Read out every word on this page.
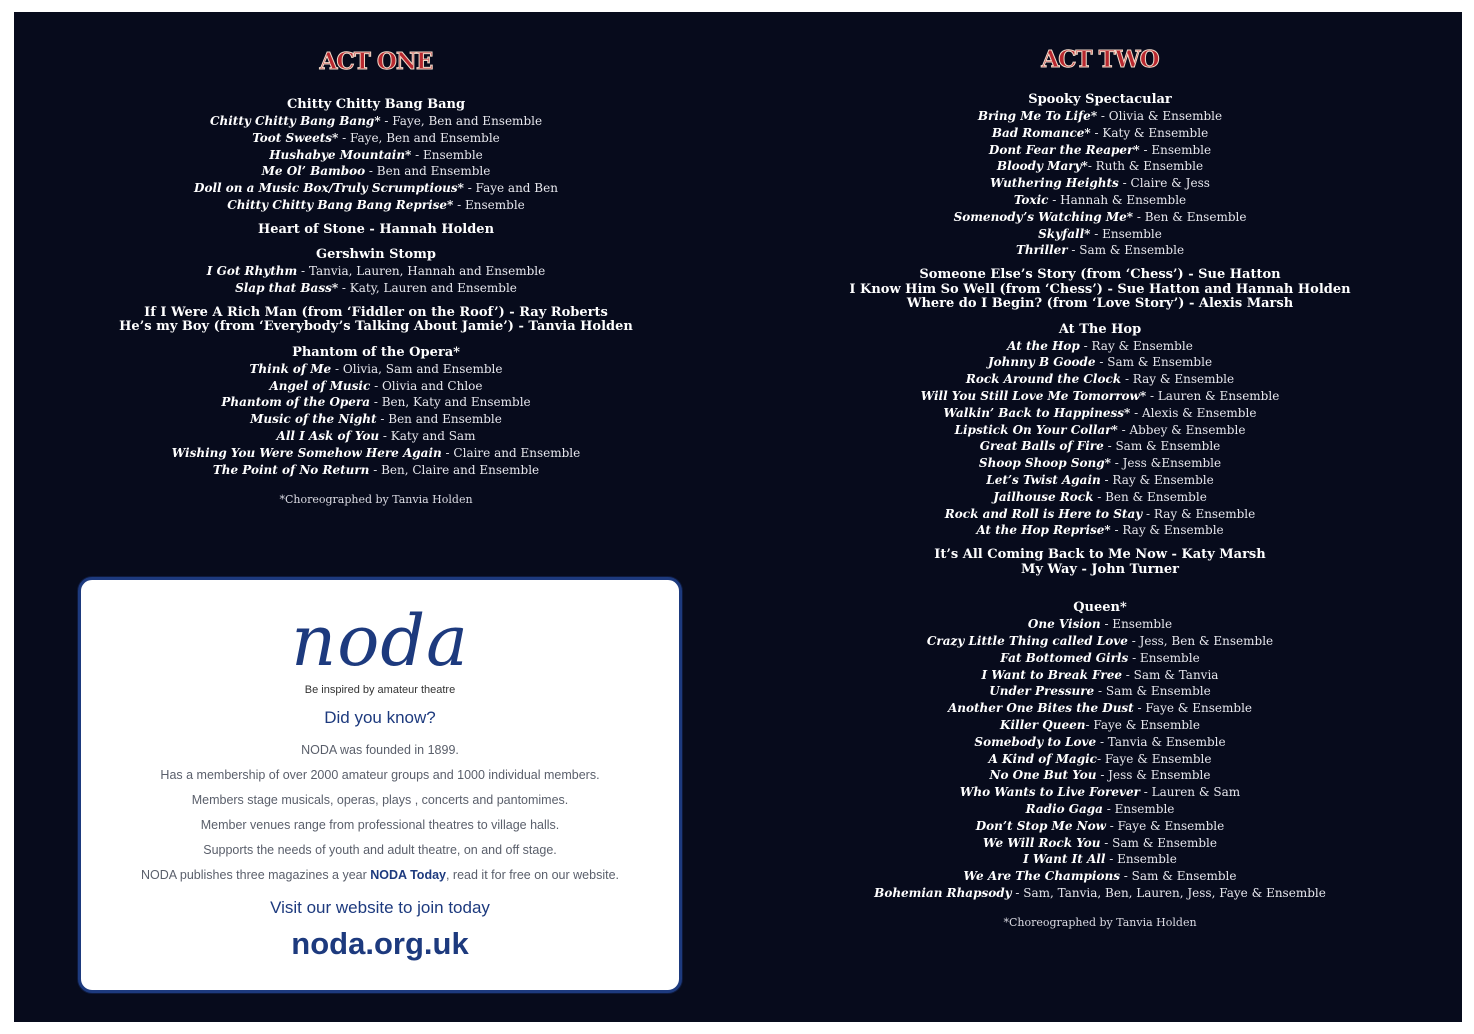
ACT ONE
Chitty Chitty Bang Bang
Chitty Chitty Bang Bang* - Faye, Ben and Ensemble
Toot Sweets* - Faye, Ben and Ensemble
Hushabye Mountain* - Ensemble
Me Ol’ Bamboo - Ben and Ensemble
Doll on a Music Box/Truly Scrumptious* - Faye and Ben
Chitty Chitty Bang Bang Reprise* - Ensemble
Heart of Stone - Hannah Holden
Gershwin Stomp
I Got Rhythm - Tanvia, Lauren, Hannah and Ensemble
Slap that Bass* - Katy, Lauren and Ensemble
If I Were A Rich Man (from ‘Fiddler on the Roof’) - Ray Roberts
He’s my Boy (from ‘Everybody’s Talking About Jamie’) - Tanvia Holden
Phantom of the Opera*
Think of Me - Olivia, Sam and Ensemble
Angel of Music - Olivia and Chloe
Phantom of the Opera - Ben, Katy and Ensemble
Music of the Night - Ben and Ensemble
All I Ask of You - Katy and Sam
Wishing You Were Somehow Here Again - Claire and Ensemble
The Point of No Return - Ben, Claire and Ensemble
*Choreographed by Tanvia Holden
ACT TWO
Spooky Spectacular
Bring Me To Life* - Olivia & Ensemble
Bad Romance* - Katy & Ensemble
Dont Fear the Reaper* - Ensemble
Bloody Mary*- Ruth & Ensemble
Wuthering Heights - Claire & Jess
Toxic - Hannah & Ensemble
Somenody’s Watching Me* - Ben & Ensemble
Skyfall* - Ensemble
Thriller - Sam & Ensemble
Someone Else’s Story (from ‘Chess’) - Sue Hatton
I Know Him So Well (from ‘Chess’) - Sue Hatton and Hannah Holden
Where do I Begin? (from ‘Love Story’) - Alexis Marsh
At The Hop
At the Hop - Ray & Ensemble
Johnny B Goode - Sam & Ensemble
Rock Around the Clock - Ray & Ensemble
Will You Still Love Me Tomorrow* - Lauren & Ensemble
Walkin’ Back to Happiness* - Alexis & Ensemble
Lipstick On Your Collar* - Abbey & Ensemble
Great Balls of Fire - Sam & Ensemble
Shoop Shoop Song* - Jess &Ensemble
Let’s Twist Again - Ray & Ensemble
Jailhouse Rock - Ben & Ensemble
Rock and Roll is Here to Stay - Ray & Ensemble
At the Hop Reprise* - Ray & Ensemble
It’s All Coming Back to Me Now - Katy Marsh
My Way - John Turner
Queen*
One Vision - Ensemble
Crazy Little Thing called Love - Jess, Ben & Ensemble
Fat Bottomed Girls - Ensemble
I Want to Break Free - Sam & Tanvia
Under Pressure - Sam & Ensemble
Another One Bites the Dust - Faye & Ensemble
Killer Queen- Faye & Ensemble
Somebody to Love - Tanvia & Ensemble
A Kind of Magic- Faye & Ensemble
No One But You - Jess & Ensemble
Who Wants to Live Forever - Lauren & Sam
Radio Gaga - Ensemble
Don’t Stop Me Now - Faye & Ensemble
We Will Rock You - Sam & Ensemble
I Want It All - Ensemble
We Are The Champions - Sam & Ensemble
Bohemian Rhapsody - Sam, Tanvia, Ben, Lauren, Jess, Faye & Ensemble
*Choreographed by Tanvia Holden
noda
Be inspired by amateur theatre
Did you know?
NODA was founded in 1899.
Has a membership of over 2000 amateur groups and 1000 individual members.
Members stage musicals, operas, plays , concerts and pantomimes.
Member venues range from professional theatres to village halls.
Supports the needs of youth and adult theatre, on and off stage.
NODA publishes three magazines a year NODA Today, read it for free on our website.
Visit our website to join today
noda.org.uk
